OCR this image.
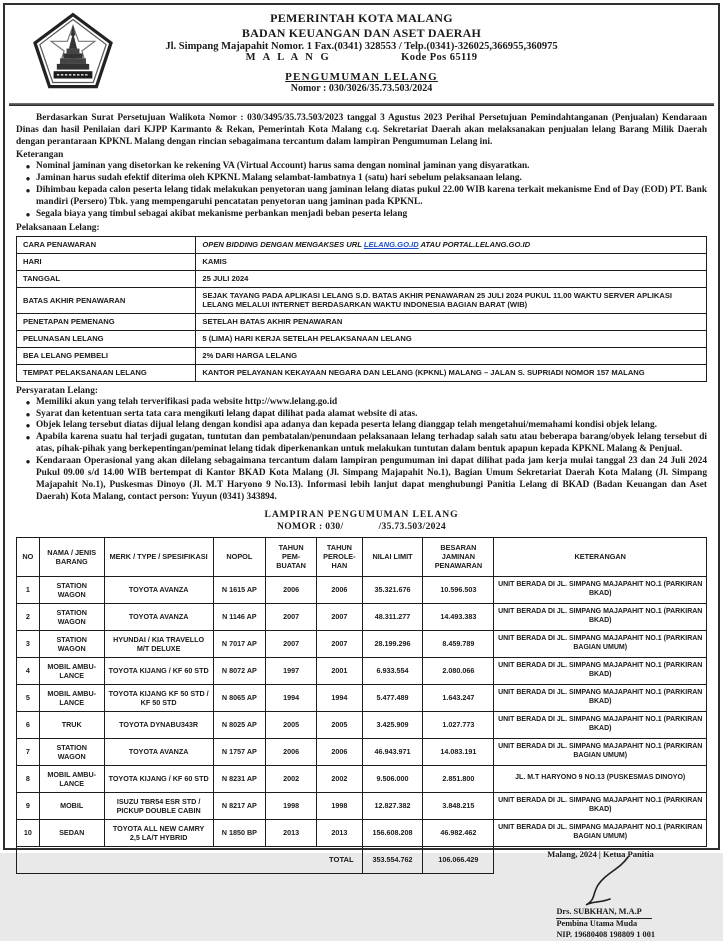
PEMERINTAH KOTA MALANG
BADAN KEUANGAN DAN ASET DAERAH
Jl. Simpang Majapahit Nomor. 1 Fax.(0341) 328553 / Telp.(0341)-326025,366955,360975
M A L A N G	Kode Pos 65119
PENGUMUMAN LELANG
Nomor : 030/3026/35.73.503/2024
Berdasarkan Surat Persetujuan Walikota Nomor : 030/3495/35.73.503/2023 tanggal 3 Agustus 2023 Perihal Persetujuan Pemindahtanganan (Penjualan) Kendaraan Dinas dan hasil Penilaian dari KJPP Karmanto & Rekan, Pemerintah Kota Malang c.q. Sekretariat Daerah akan melaksanakan penjualan lelang Barang Milik Daerah dengan perantaraan KPKNL Malang dengan rincian sebagaimana tercantum dalam lampiran Pengumuman Lelang ini.
Keterangan
● Nominal jaminan yang disetorkan ke rekening VA (Virtual Account) harus sama dengan nominal jaminan yang disyaratkan.
● Jaminan harus sudah efektif diterima oleh KPKNL Malang selambat-lambatnya 1 (satu) hari sebelum pelaksanaan lelang.
● Dihimbau kepada calon peserta lelang tidak melakukan penyetoran uang jaminan lelang diatas pukul 22.00 WIB karena terkait mekanisme End of Day (EOD) PT. Bank mandiri (Persero) Tbk. yang mempengaruhi pencatatan penyetoran uang jaminan pada KPKNL.
● Segala biaya yang timbul sebagai akibat mekanisme perbankan menjadi beban peserta lelang
Pelaksanaan Lelang:
CARA PENAWARAN	OPEN BIDDING DENGAN MENGAKSES URL LELANG.GO.ID ATAU PORTAL.LELANG.GO.ID
HARI	KAMIS
TANGGAL	25 JULI 2024
BATAS AKHIR PENAWARAN	SEJAK TAYANG PADA APLIKASI LELANG S.D. BATAS AKHIR PENAWARAN 25 JULI 2024 PUKUL 11.00 WAKTU SERVER APLIKASI LELANG MELALUI INTERNET BERDASARKAN WAKTU INDONESIA BAGIAN BARAT (WIB)
PENETAPAN PEMENANG	SETELAH BATAS AKHIR PENAWARAN
PELUNASAN LELANG	5 (LIMA) HARI KERJA SETELAH PELAKSANAAN LELANG
BEA LELANG PEMBELI	2% DARI HARGA LELANG
TEMPAT PELAKSANAAN LELANG	KANTOR PELAYANAN KEKAYAAN NEGARA DAN LELANG (KPKNL) MALANG – JALAN S. SUPRIADI NOMOR 157 MALANG
Persyaratan Lelang:
● Memiliki akun yang telah terverifikasi pada website http://www.lelang.go.id
● Syarat dan ketentuan serta tata cara mengikuti lelang dapat dilihat pada alamat website di atas.
● Objek lelang tersebut diatas dijual lelang dengan kondisi apa adanya dan kepada peserta lelang dianggap telah mengetahui/memahami kondisi objek lelang.
● Apabila karena suatu hal terjadi gugatan, tuntutan dan pembatalan/penundaan pelaksanaan lelang terhadap salah satu atau beberapa barang/obyek lelang tersebut di atas, pihak-pihak yang berkepentingan/peminat lelang tidak diperkenankan untuk melakukan tuntutan dalam bentuk apapun kepada KPKNL Malang & Penjual.
● Kendaraan Operasional yang akan dilelang sebagaimana tercantum dalam lampiran pengumuman ini dapat dilihat pada jam kerja mulai tanggal 23 dan 24 Juli 2024 Pukul 09.00 s/d 14.00 WIB bertempat di Kantor BKAD Kota Malang (Jl. Simpang Majapahit No.1), Bagian Umum Sekretariat Daerah Kota Malang (Jl. Simpang Majapahit No.1), Puskesmas Dinoyo (Jl. M.T Haryono 9 No.13). Informasi lebih lanjut dapat menghubungi Panitia Lelang di BKAD (Badan Keuangan dan Aset Daerah) Kota Malang, contact person: Yuyun (0341) 343894.
LAMPIRAN PENGUMUMAN LELANG
NOMOR : 030/             /35.73.503/2024
NO	NAMA / JENIS BARANG	MERK / TYPE / SPESIFIKASI	NOPOL	TAHUN PEM-BUATAN	TAHUN PEROLE-HAN	NILAI LIMIT	BESARAN JAMINAN PENAWARAN	KETERANGAN
1	STATION WAGON	TOYOTA AVANZA	N 1615 AP	2006	2006	35.321.676	10.596.503	UNIT BERADA DI JL. SIMPANG MAJAPAHIT NO.1 (PARKIRAN BKAD)
2	STATION WAGON	TOYOTA AVANZA	N 1146 AP	2007	2007	48.311.277	14.493.383	UNIT BERADA DI JL. SIMPANG MAJAPAHIT NO.1 (PARKIRAN BKAD)
3	STATION WAGON	HYUNDAI / KIA TRAVELLO M/T DELUXE	N 7017 AP	2007	2007	28.199.296	8.459.789	UNIT BERADA DI JL. SIMPANG MAJAPAHIT NO.1 (PARKIRAN BAGIAN UMUM)
4	MOBIL AMBU-LANCE	TOYOTA KIJANG / KF 60 STD	N 8072 AP	1997	2001	6.933.554	2.080.066	UNIT BERADA DI JL. SIMPANG MAJAPAHIT NO.1 (PARKIRAN BKAD)
5	MOBIL AMBU-LANCE	TOYOTA KIJANG KF 50 STD / KF 50 STD	N 8065 AP	1994	1994	5.477.489	1.643.247	UNIT BERADA DI JL. SIMPANG MAJAPAHIT NO.1 (PARKIRAN BKAD)
6	TRUK	TOYOTA DYNABU343R	N 8025 AP	2005	2005	3.425.909	1.027.773	UNIT BERADA DI JL. SIMPANG MAJAPAHIT NO.1 (PARKIRAN BKAD)
7	STATION WAGON	TOYOTA AVANZA	N 1757 AP	2006	2006	46.943.971	14.083.191	UNIT BERADA DI JL. SIMPANG MAJAPAHIT NO.1 (PARKIRAN BAGIAN UMUM)
8	MOBIL AMBU-LANCE	TOYOTA KIJANG / KF 60 STD	N 8231 AP	2002	2002	9.506.000	2.851.800	JL. M.T HARYONO 9 NO.13 (PUSKESMAS DINOYO)
9	MOBIL	ISUZU TBR54 ESR STD / PICKUP DOUBLE CABIN	N 8217 AP	1998	1998	12.827.382	3.848.215	UNIT BERADA DI JL. SIMPANG MAJAPAHIT NO.1 (PARKIRAN BKAD)
10	SEDAN	TOYOTA ALL NEW CAMRY 2,5 LA/T HYBRID	N 1850 BP	2013	2013	156.608.208	46.982.462	UNIT BERADA DI JL. SIMPANG MAJAPAHIT NO.1 (PARKIRAN BAGIAN UMUM)
TOTAL						353.554.762	106.066.429	Malang, 2024 | Ketua Panitia
Drs. SUBKHAN, M.A.P
Pembina Utama Muda
NIP. 19680408 198809 1 001
